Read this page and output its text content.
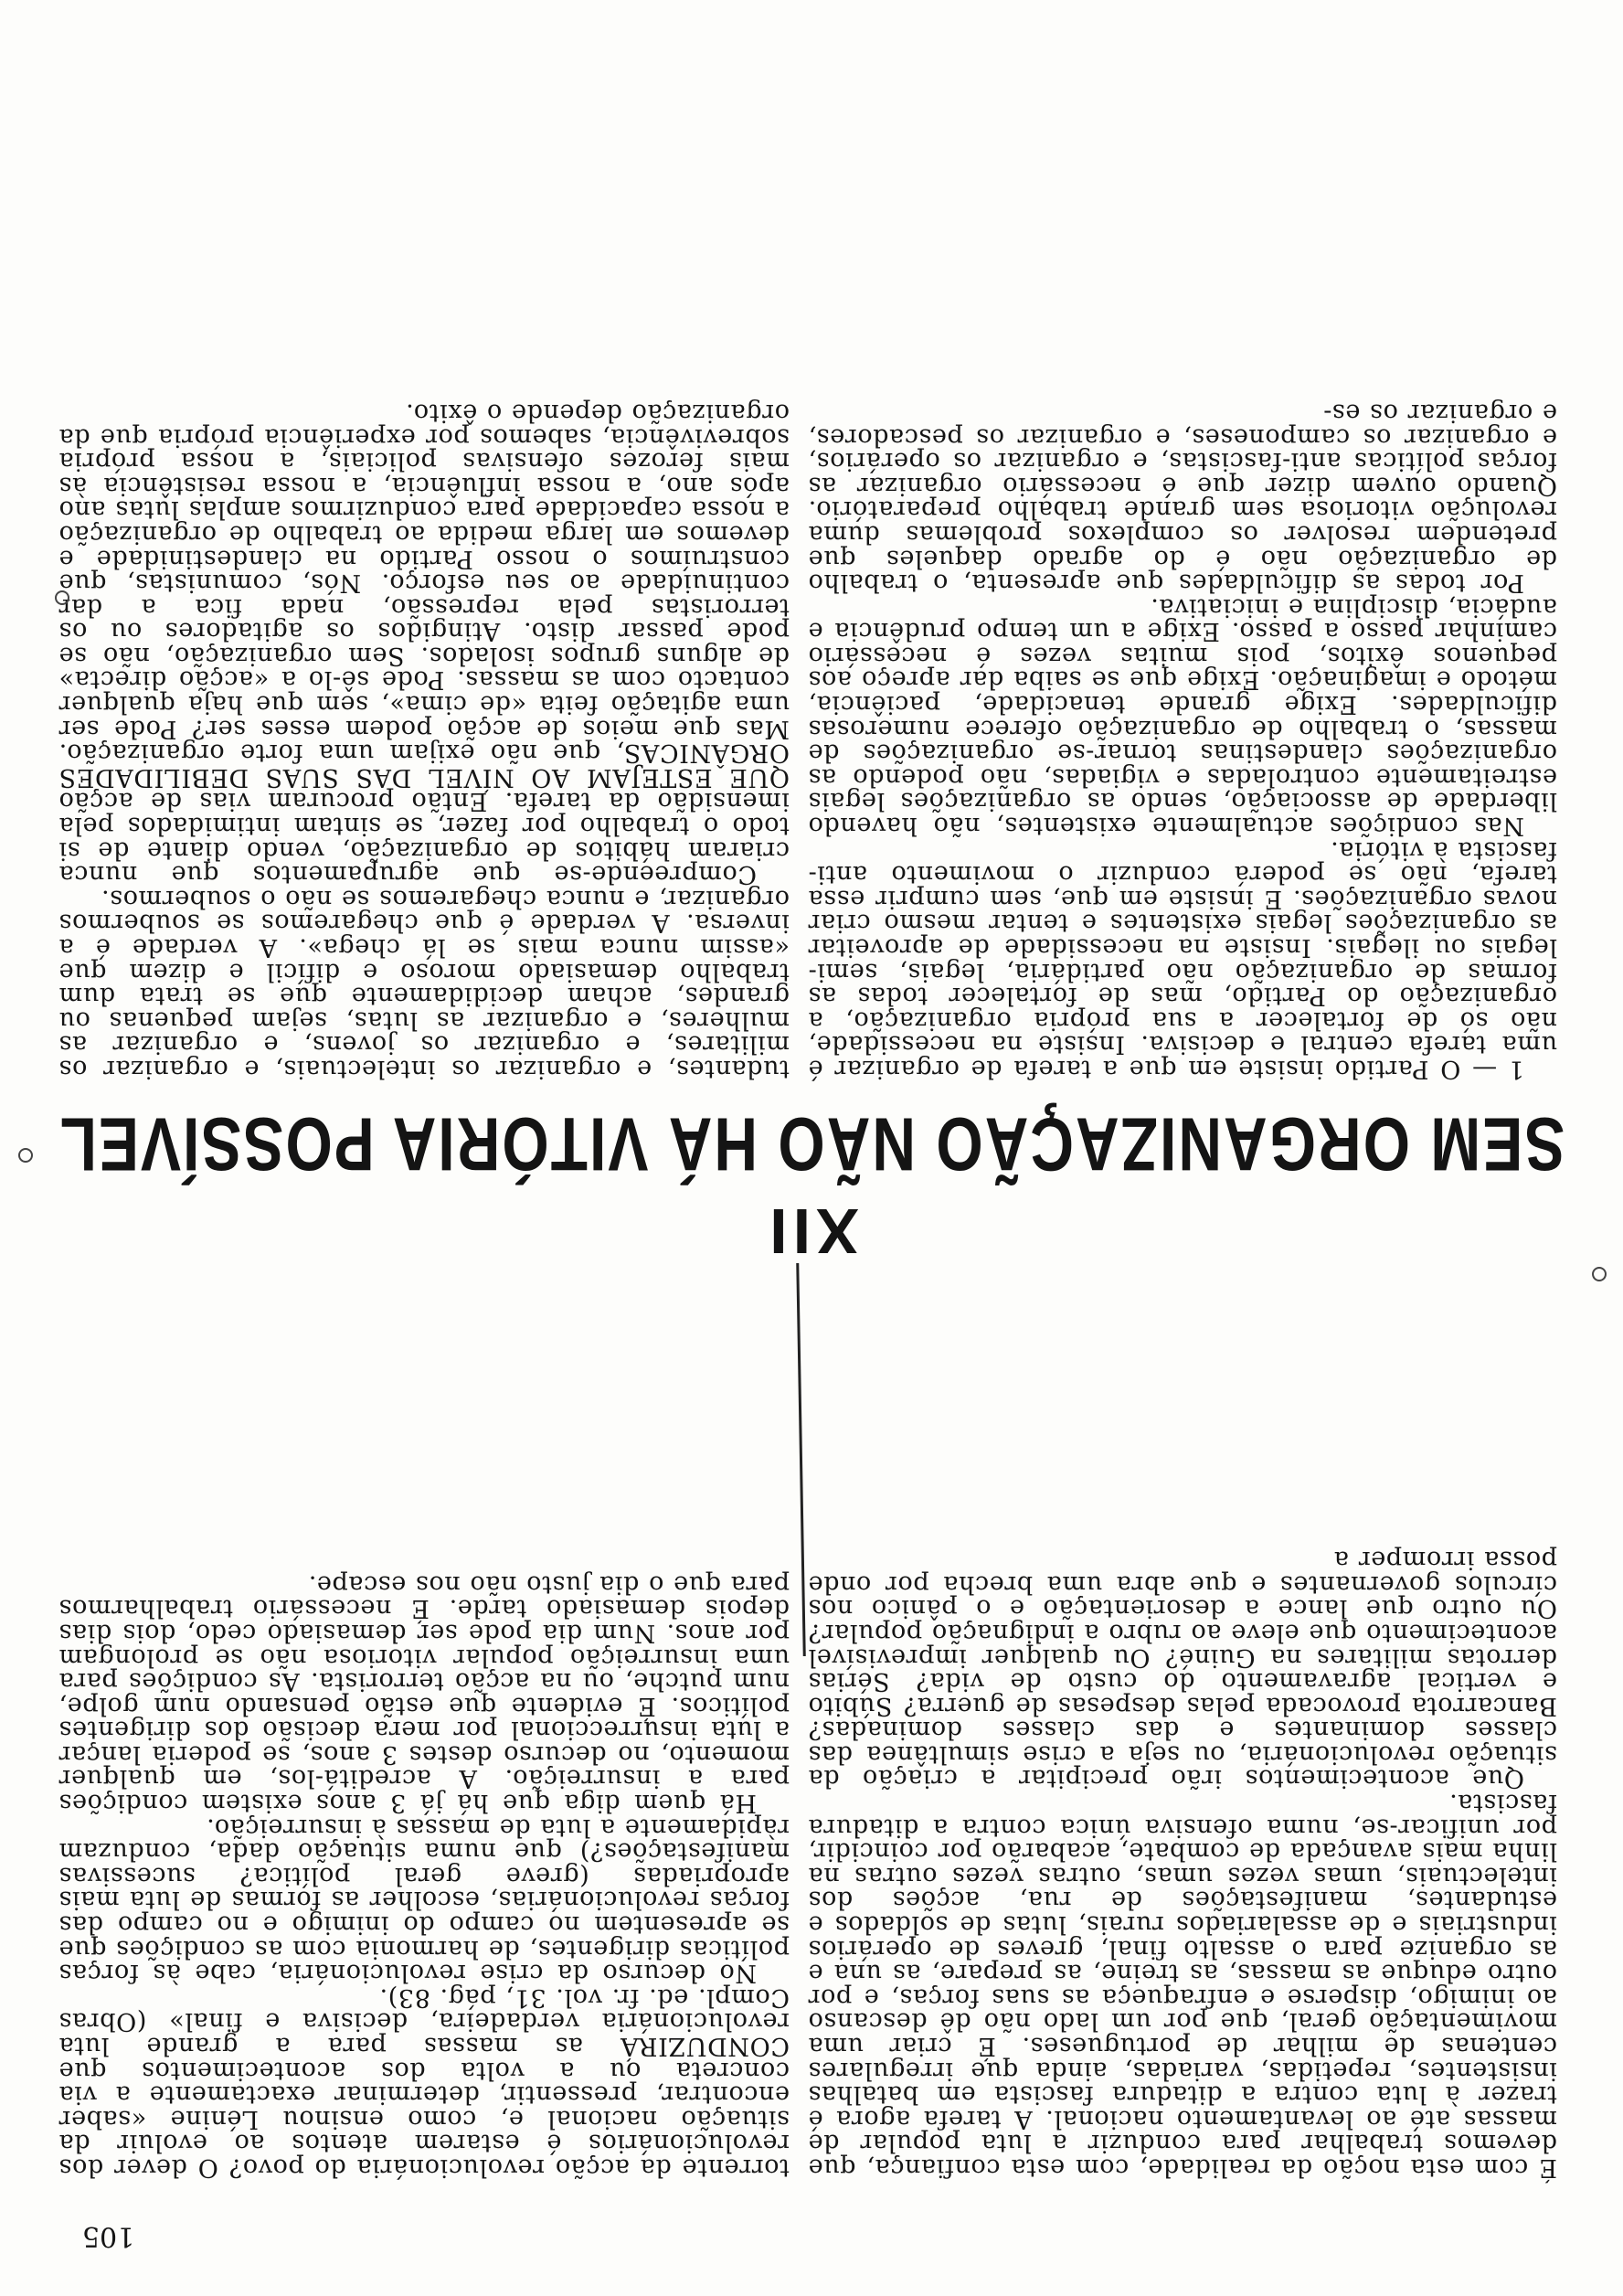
105

É com esta noção da realidade, com esta confiança, que devemos trabalhar para conduzir a luta popular de massas até ao levantamento nacional. A tarefa agora é trazer à luta contra a ditadura fascista em batalhas insistentes, repetidas, variadas, ainda que irregulares centenas de milhar de portugueses. É criar uma movimentação geral, que por um lado não dê descanso ao inimigo, disperse e enfraqueça as suas forças, e por outro eduque as massas, as treine, as prepare, as una e as organize para o assalto final, greves de operários industriais e de assalariados rurais, lutas de soldados e estudantes, manifestações de rua, acções dos intelectuais, umas vezes umas, outras vezes outras na linha mais avançada de combate, acabarão por coincidir, por unificar-se, numa ofensiva única contra a ditadura fascista.

Que acontecimentos irão precipitar a criação da situação revolucionária, ou seja a crise simultânea das classes dominantes e das classes dominadas? Bancarrota provocada pelas despesas de guerra? Súbito e vertical agravamento do custo de vida? Sérias derrotas militares na Guiné? Ou qualquer imprevisível acontecimento que eleve ao rubro a indignação popular? Ou outro que lance a desorientação e o pânico nos círculos governantes e que abra uma brecha por onde possa irromper a

torrente da acção revolucionária do povo? O dever dos revolucionários é estarem atentos ao evoluir da situação nacional e, como ensinou Lénine «saber encontrar, pressentir, determinar exactamente a via concreta ou a volta dos acontecimentos que CONDUZIRÁ as massas para a grande luta revolucionária verdadeira, decisiva e final» (Obras Compl. ed. fr. vol. 31, pág. 83).

No decurso da crise revolucionária, cabe às forças políticas dirigentes, de harmonia com as condições que se apresentem no campo do inimigo e no campo das forças revolucionárias, escolher as formas de luta mais apropriadas (greve geral política? sucessivas manifestações?) que numa situação dada, conduzam ràpidamente a luta de massas à insurreição.

Há quem diga que há já 3 anos existem condições para a insurreição. A acreditá-los, em qualquer momento, no decurso destes 3 anos, se poderia lançar a luta insurreccional por mera decisão dos dirigentes políticos. É evidente que estão pensando num golpe, num putche, ou na acção terrorista. As condições para uma insurreição popular vitoriosa não se prolongam por anos. Num dia pode ser demasiado cedo, dois dias depois demasiado tarde. É necessário trabalharmos para que o dia justo não nos escape.

XII
SEM ORGANIZAÇÃO NÃO HÁ VITÓRIA POSSÍVEL

1 — O Partido insiste em que a tarefa de organizar é uma tarefa central e decisiva. Insiste na necessidade, não só de fortalecer a sua própria organização, a organização do Partido, mas de fortalecer todas as formas de organização não partidária, legais, semi-legais ou ilegais. Insiste na necessidade de aproveitar as organizações legais existentes e tentar mesmo criar novas organizações. E insiste em que, sem cumprir essa tarefa, não se poderá conduzir o movimento anti-fascista à vitória.

Nas condições actualmente existentes, não havendo liberdade de associação, sendo as organizações legais estreitamente controladas e vigiadas, não podendo as organizações clandestinas tornar-se organizações de massas, o trabalho de organização oferece numerosas dificuldades. Exige grande tenacidade, paciência, método e imaginação. Exige que se saiba dar apreço aos pequenos êxitos, pois muitas vezes é necessário caminhar passo a passo. Exige a um tempo prudência e audácia, disciplina e iniciativa.

Por todas as dificuldades que apresenta, o trabalho de organização não é do agrado daqueles que pretendem resolver os complexos problemas duma revolução vitoriosa sem grande trabalho preparatório. Quando ouvem dizer que é necessário organizar as forças políticas anti-fascistas, e organizar os operários, e organizar os camponeses, e organizar os pescadores, e organizar os es-

tudantes, e organizar os intelectuais, e organizar os militares, e organizar os jovens, e organizar as mulheres, e organizar as lutas, sejam pequenas ou grandes, acham decididamente que se trata dum trabalho demasiado moroso e difícil e dizem que «assim nunca mais se lá chega». A verdade é a inversa. A verdade é que chegaremos se soubermos organizar, e nunca chegaremos se não o soubermos.

Compreende-se que agrupamentos que nunca criaram hábitos de organização, vendo diante de si todo o trabalho por fazer, se sintam intimidados pela imensidão da tarefa. Então procuram vias de acção QUE ESTEJAM AO NÍVEL DAS SUAS DEBILIDADES ORGÂNICAS, que não exijam uma forte organização. Mas que meios de acção podem esses ser? Pode ser uma agitação feita «de cima», sem que haja qualquer contacto com as massas. Pode sê-lo a «acção directa» de alguns grupos isolados. Sem organização, não se pode passar disto. Atingidos os agitadores ou os terroristas pela repressão, nada fica a dar continuidade ao seu esforço. Nós, comunistas, que construímos o nosso Partido na clandestinidade e devemos em larga medida ao trabalho de organização a nossa capacidade para conduzirmos amplas lutas ano após ano, a nossa influência, a nossa resistência às mais ferozes ofensivas policiais, a nossa própria sobrevivência, sabemos por experiência própria que da organização depende o êxito.
